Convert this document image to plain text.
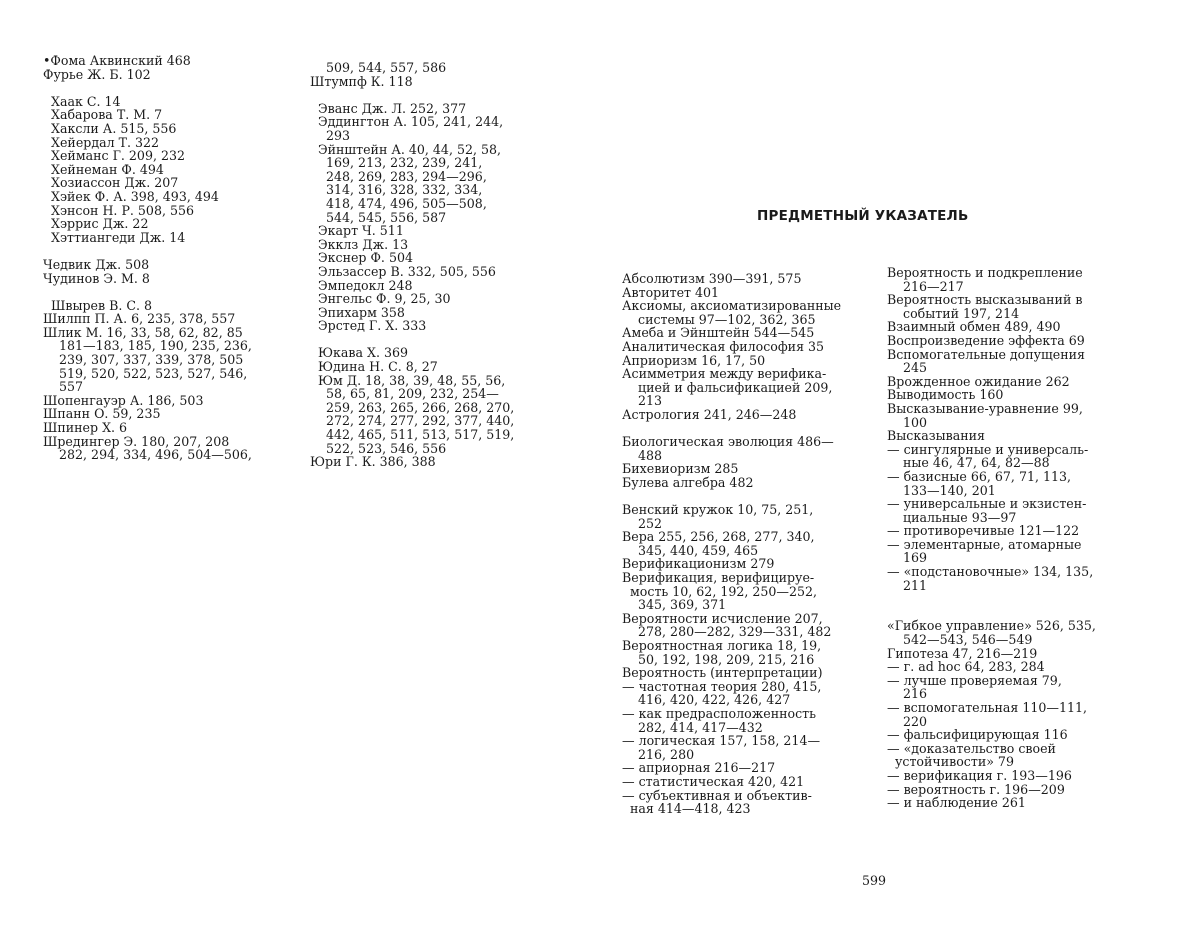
•Фома Аквинский 468
Фурье Ж. Б. 102
Хаак С. 14
Хабарова Т. М. 7
Хаксли А. 515, 556
Хейердал Т. 322
Хейманс Г. 209, 232
Хейнеман Ф. 494
Хозиассон Дж. 207
Хэйек Ф. А. 398, 493, 494
Хэнсон Н. Р. 508, 556
Хэррис Дж. 22
Хэттиангеди Дж. 14
Чедвик Дж. 508
Чудинов Э. М. 8
Швырев В. С. 8
Шилпп П. А. 6, 235, 378, 557
Шлик М. 16, 33, 58, 62, 82, 85
181—183, 185, 190, 235, 236,
239, 307, 337, 339, 378, 505
519, 520, 522, 523, 527, 546,
557
Шопенгауэр А. 186, 503
Шпанн О. 59, 235
Шпинер Х. 6
Шредингер Э. 180, 207, 208
282, 294, 334, 496, 504—506,
509, 544, 557, 586
Штумпф К. 118
Эванс Дж. Л. 252, 377
Эддингтон А. 105, 241, 244,
293
Эйнштейн А. 40, 44, 52, 58,
169, 213, 232, 239, 241,
248, 269, 283, 294—296,
314, 316, 328, 332, 334,
418, 474, 496, 505—508,
544, 545, 556, 587
Экарт Ч. 511
Экклз Дж. 13
Экснер Ф. 504
Эльзассер В. 332, 505, 556
Эмпедокл 248
Энгельс Ф. 9, 25, 30
Эпихарм 358
Эрстед Г. Х. 333
Юкава Х. 369
Юдина Н. С. 8, 27
Юм Д. 18, 38, 39, 48, 55, 56,
58, 65, 81, 209, 232, 254—
259, 263, 265, 266, 268, 270,
272, 274, 277, 292, 377, 440,
442, 465, 511, 513, 517, 519,
522, 523, 546, 556
Юри Г. К. 386, 388
Абсолютизм 390—391, 575
Авторитет 401
Аксиомы, аксиоматизированные
системы 97—102, 362, 365
Амеба и Эйнштейн 544—545
Аналитическая философия 35
Априоризм 16, 17, 50
Асимметрия между верифика-
цией и фальсификацией 209,
213
Астрология 241, 246—248
Биологическая эволюция 486—
488
Бихевиоризм 285
Булева алгебра 482
Венский кружок 10, 75, 251,
252
Вера 255, 256, 268, 277, 340,
345, 440, 459, 465
Верификационизм 279
Верификация, верифицируе-
мость 10, 62, 192, 250—252,
345, 369, 371
Вероятности исчисление 207,
278, 280—282, 329—331, 482
Вероятностная логика 18, 19,
50, 192, 198, 209, 215, 216
Вероятность (интерпретации)
— частотная теория 280, 415,
416, 420, 422, 426, 427
— как предрасположенность
282, 414, 417—432
— логическая 157, 158, 214—
216, 280
— априорная 216—217
— статистическая 420, 421
— субъективная и объектив-
ная 414—418, 423
Вероятность и подкрепление
216—217
Вероятность высказываний в
событий 197, 214
Взаимный обмен 489, 490
Воспроизведение эффекта 69
Вспомогательные допущения
245
Врожденное ожидание 262
Выводимость 160
Высказывание-уравнение 99,
100
Высказывания
— сингулярные и универсаль-
ные 46, 47, 64, 82—88
— базисные 66, 67, 71, 113,
133—140, 201
— универсальные и экзистен-
циальные 93—97
— противоречивые 121—122
— элементарные, атомарные
169
— «подстановочные» 134, 135,
211
«Гибкое управление» 526, 535,
542—543, 546—549
Гипотеза 47, 216—219
— г. ad hoc 64, 283, 284
— лучше проверяемая 79,
216
— вспомогательная 110—111,
220
— фальсифицирующая 116
— «доказательство своей
устойчивости» 79
— верификация г. 193—196
— вероятность г. 196—209
— и наблюдение 261
ПРЕДМЕТНЫЙ УКАЗАТЕЛЬ
599
